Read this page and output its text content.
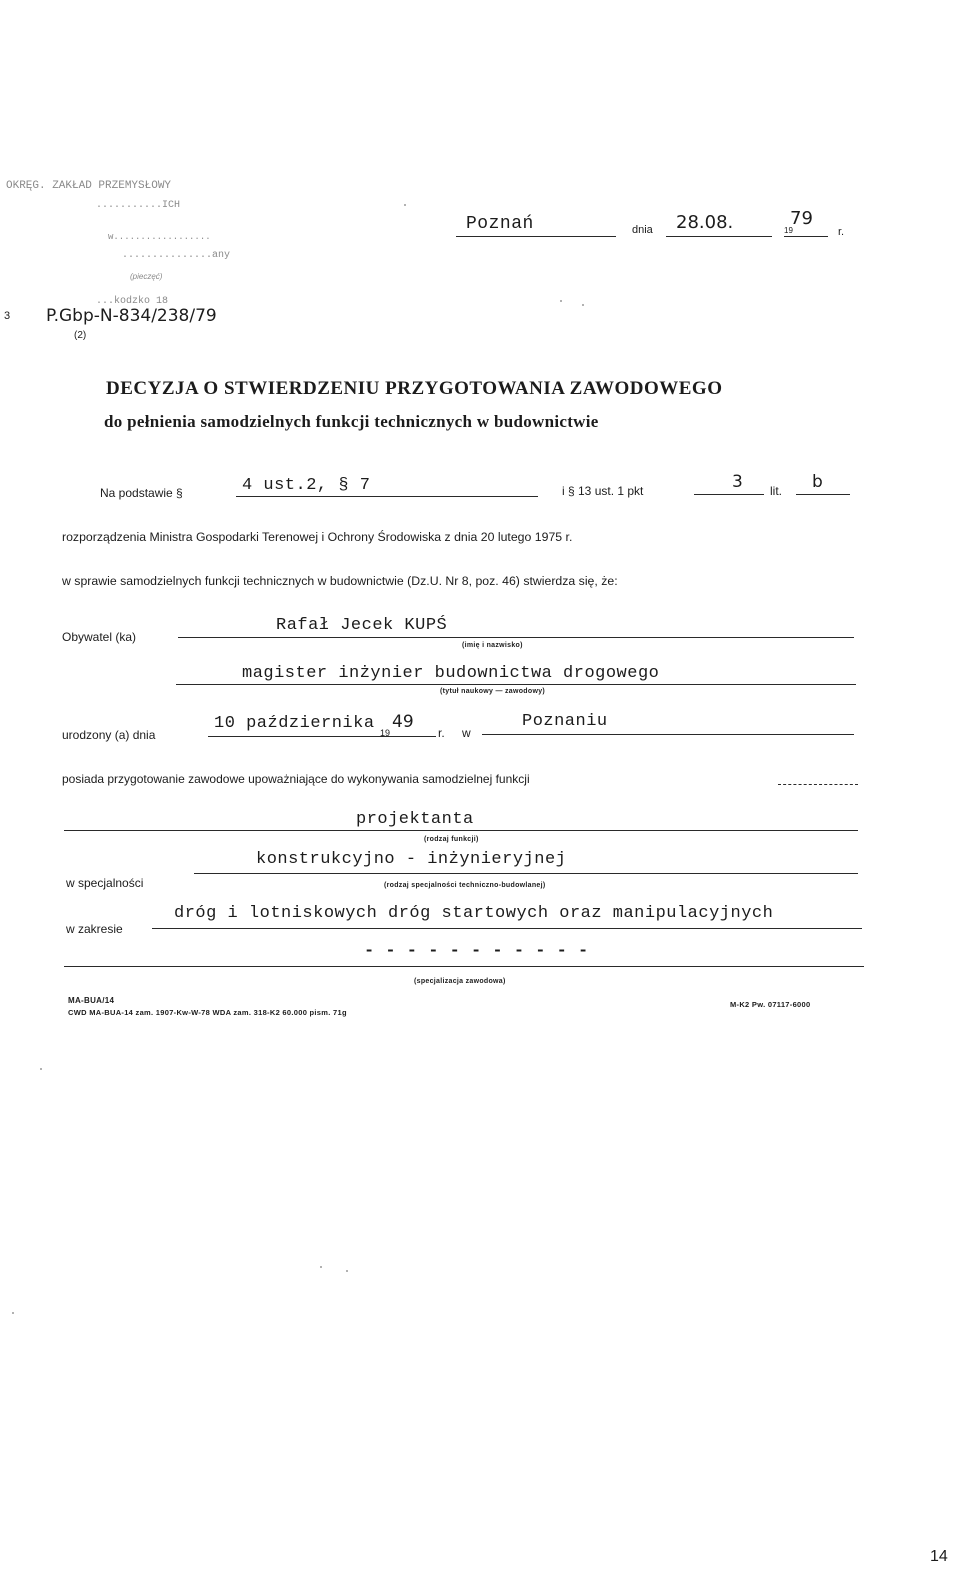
OKRĘG. ZAKŁAD PRZEMYSŁOWY
...........ICH
w..................
...............any
(pieczęć)
...kodzko 18
3 P.Gbp-N-834/238/79
(2)
Poznań	dnia 28.08.	19
79
r.
DECYZJA O STWIERDZENIU PRZYGOTOWANIA ZAWODOWEGO
do pełnienia samodzielnych funkcji technicznych w budownictwie
Na podstawie §	4 ust.2, § 7	i § 13 ust. 1 pkt	3 lit. b
rozporządzenia Ministra Gospodarki Terenowej i Ochrony Środowiska z dnia 20 lutego 1975 r.
w sprawie samodzielnych funkcji technicznych w budownictwie (Dz.U. Nr 8, poz. 46) stwierdza się, że:
Obywatel (ka)
Rafał Jecek KUPŚ
(imię i nazwisko)
magister inżynier budownictwa drogowego
(tytuł naukowy — zawodowy)
urodzony (a) dnia
10 października 19
49
r. w
Poznaniu
posiada przygotowanie zawodowe upoważniające do wykonywania samodzielnej funkcji
projektanta
(rodzaj funkcji)
konstrukcyjno - inżynieryjnej
w specjalności	(rodzaj specjalności techniczno-budowlanej)
w zakresie
dróg i lotniskowych dróg startowych oraz manipulacyjnych
- - - - - - - - - - -
(specjalizacja zawodowa)
MA-BUA/14
CWD MA-BUA-14 zam. 1907-Kw-W-78 WDA zam. 318-K2 60.000 pism. 71g
M-K2 Pw. 07117-6000
14
